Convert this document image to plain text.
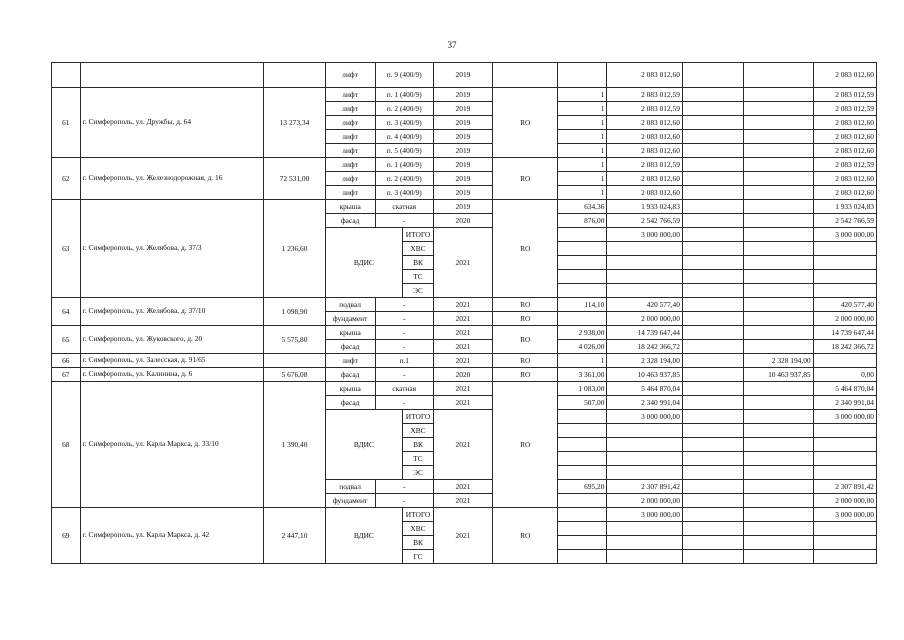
37
			лифт	п. 9 (400/9)		2019			2 083 012,60			2 083 012,60
61	г. Симферополь, ул. Дружбы, д. 64	13 273,34	лифт	п. 1 (400/9)		2019	RO	1	2 083 012,59			2 083 012,59
			лифт	п. 2 (400/9)		2019		1	2 083 012,59			2 083 012,59
			лифт	п. 3 (400/9)		2019		1	2 083 012,60			2 083 012,60
			лифт	п. 4 (400/9)		2019		1	2 083 012,60			2 083 012,60
			лифт	п. 5 (400/9)		2019		1	2 083 012,60			2 083 012,60
62	г. Симферополь, ул. Железнодорожная, д. 16	72 531,00	лифт	п. 1 (400/9)		2019	RO	1	2 083 012,59			2 083 012,59
			лифт	п. 2 (400/9)		2019		1	2 083 012,60			2 083 012,60
			лифт	п. 3 (400/9)		2019		1	2 083 012,60			2 083 012,60
63	г. Симферополь, ул. Желябова, д. 37/3	1 236,60	крыша	скатная		2019	RO	634,36	1 933 024,83			1 933 024,83
			фасад	-		2020		876,00	2 542 766,59			2 542 766,59
			ВДИС		ИТОГО	2021			3 000 000,00			3 000 000,00
					ХВС							
					ВК							
					ТС							
					ЭС							
64	г. Симферополь, ул. Желябова, д. 37/10	1 098,90	подвал	-		2021	RO	114,10	420 577,40			420 577,40
			фундамент	-		2021	RO		2 000 000,00			2 000 000,00
65	г. Симферополь, ул. Жуковского, д. 20	5 575,80	крыша	-		2021	RO	2 938,00	14 739 647,44			14 739 647,44
			фасад	-		2021		4 026,00	18 242 366,72			18 242 366,72
66	г. Симферополь, ул. Залесская, д. 91/65		лифт	п.1		2021	RO	1	2 328 194,00		2 328 194,00	
67	г. Симферополь, ул. Калинина, д. 6	5 676,08	фасад	-		2020	RO	3 361,00	10 463 937,85		10 463 937,85	0,00
68	г. Симферополь, ул. Карла Маркса, д. 33/10	1 390,40	крыша	скатная		2021	RO	1 083,00	5 464 870,04			5 464 870,04
			фасад	-		2021		507,00	2 340 991,04			2 340 991,04
			ВДИС		ИТОГО	2021			3 000 000,00			3 000 000,00
					ХВС							
					ВК							
					ТС							
					ЭС							
			подвал	-		2021		695,20	2 307 891,42			2 307 891,42
			фундамент	-		2021			2 000 000,00			2 000 000,00
69	г. Симферополь, ул. Карла Маркса, д. 42	2 447,10	ВДИС		ИТОГО	2021	RO		3 000 000,00			3 000 000,00
					ХВС							
					ВК							
					ГС							
